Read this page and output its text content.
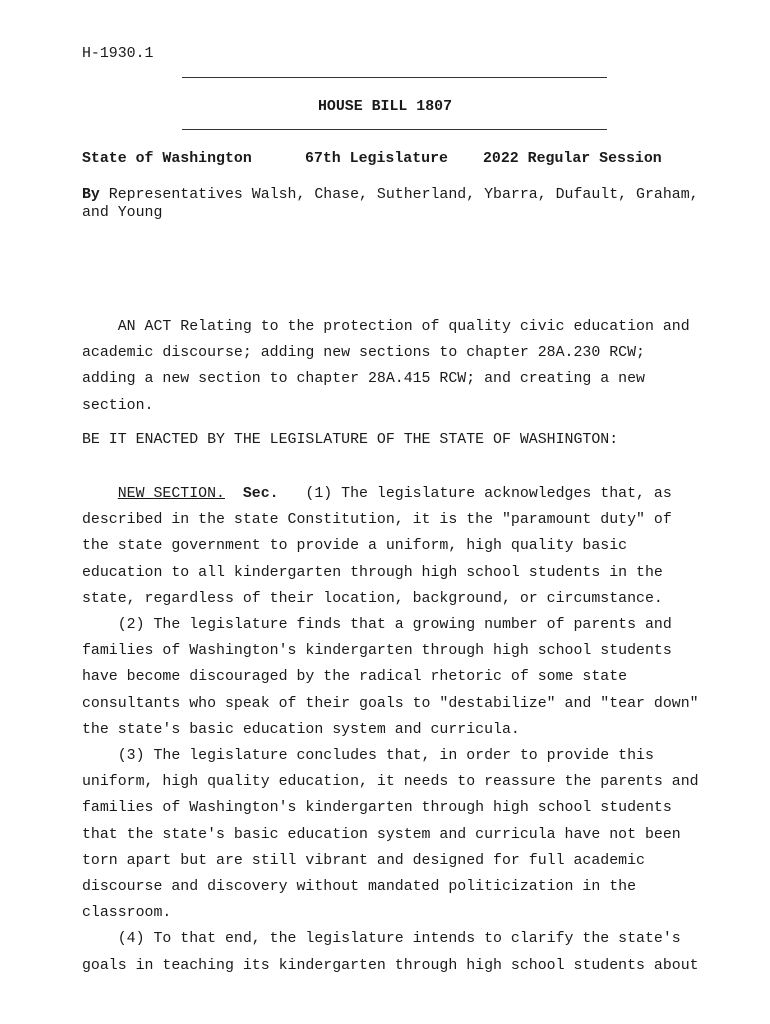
H-1930.1
HOUSE BILL 1807
State of Washington	67th Legislature 2022 Regular Session
By Representatives Walsh, Chase, Sutherland, Ybarra, Dufault, Graham,
and Young
AN ACT Relating to the protection of quality civic education and
academic discourse; adding new sections to chapter 28A.230 RCW;
adding a new section to chapter 28A.415 RCW; and creating a new
section.
BE IT ENACTED BY THE LEGISLATURE OF THE STATE OF WASHINGTON:
NEW SECTION. Sec.   (1) The legislature acknowledges that, as
described in the state Constitution, it is the "paramount duty" of
the state government to provide a uniform, high quality basic
education to all kindergarten through high school students in the
state, regardless of their location, background, or circumstance.
(2) The legislature finds that a growing number of parents and
families of Washington's kindergarten through high school students
have become discouraged by the radical rhetoric of some state
consultants who speak of their goals to "destabilize" and "tear down"
the state's basic education system and curricula.
(3) The legislature concludes that, in order to provide this
uniform, high quality education, it needs to reassure the parents and
families of Washington's kindergarten through high school students
that the state's basic education system and curricula have not been
torn apart but are still vibrant and designed for full academic
discourse and discovery without mandated politicization in the
classroom.
(4) To that end, the legislature intends to clarify the state's
goals in teaching its kindergarten through high school students about
